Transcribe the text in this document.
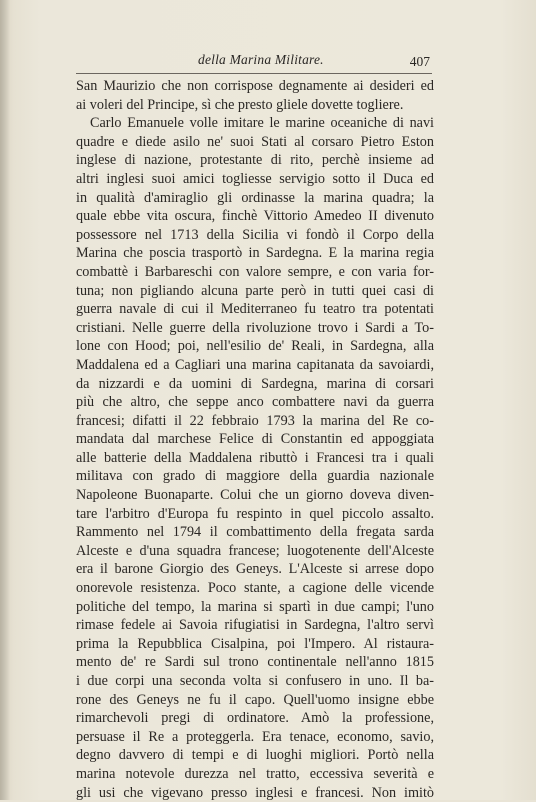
della Marina Militare.	407
San Maurizio che non corrispose degnamente ai desideri ed
ai voleri del Principe, sì che presto gliele dovette togliere.
Carlo Emanuele volle imitare le marine oceaniche di navi
quadre e diede asilo ne' suoi Stati al corsaro Pietro Eston
inglese di nazione, protestante di rito, perchè insieme ad
altri inglesi suoi amici togliesse servigio sotto il Duca ed
in qualità d'amiraglio gli ordinasse la marina quadra; la
quale ebbe vita oscura, finchè Vittorio Amedeo II divenuto
possessore nel 1713 della Sicilia vi fondò il Corpo della
Marina che poscia trasportò in Sardegna. E la marina regia
combattè i Barbareschi con valore sempre, e con varia for-
tuna; non pigliando alcuna parte però in tutti quei casi di
guerra navale di cui il Mediterraneo fu teatro tra potentati
cristiani. Nelle guerre della rivoluzione trovo i Sardi a To-
lone con Hood; poi, nell'esilio de' Reali, in Sardegna, alla
Maddalena ed a Cagliari una marina capitanata da savoiardi,
da nizzardi e da uomini di Sardegna, marina di corsari
più che altro, che seppe anco combattere navi da guerra
francesi; difatti il 22 febbraio 1793 la marina del Re co-
mandata dal marchese Felice di Constantin ed appoggiata
alle batterie della Maddalena ributtò i Francesi tra i quali
militava con grado di maggiore della guardia nazionale
Napoleone Buonaparte. Colui che un giorno doveva diven-
tare l'arbitro d'Europa fu respinto in quel piccolo assalto.
Rammento nel 1794 il combattimento della fregata sarda
Alceste e d'una squadra francese; luogotenente dell'Alceste
era il barone Giorgio des Geneys. L'Alceste si arrese dopo
onorevole resistenza. Poco stante, a cagione delle vicende
politiche del tempo, la marina si spartì in due campi; l'uno
rimase fedele ai Savoia rifugiatisi in Sardegna, l'altro servì
prima la Repubblica Cisalpina, poi l'Impero. Al ristaura-
mento de' re Sardi sul trono continentale nell'anno 1815
i due corpi una seconda volta si confusero in uno. Il ba-
rone des Geneys ne fu il capo. Quell'uomo insigne ebbe
rimarchevoli pregi di ordinatore. Amò la professione,
persuase il Re a proteggerla. Era tenace, economo, savio,
degno davvero di tempi e di luoghi migliori. Portò nella
marina notevole durezza nel tratto, eccessiva severità e
gli usi che vigevano presso inglesi e francesi. Non imitò
